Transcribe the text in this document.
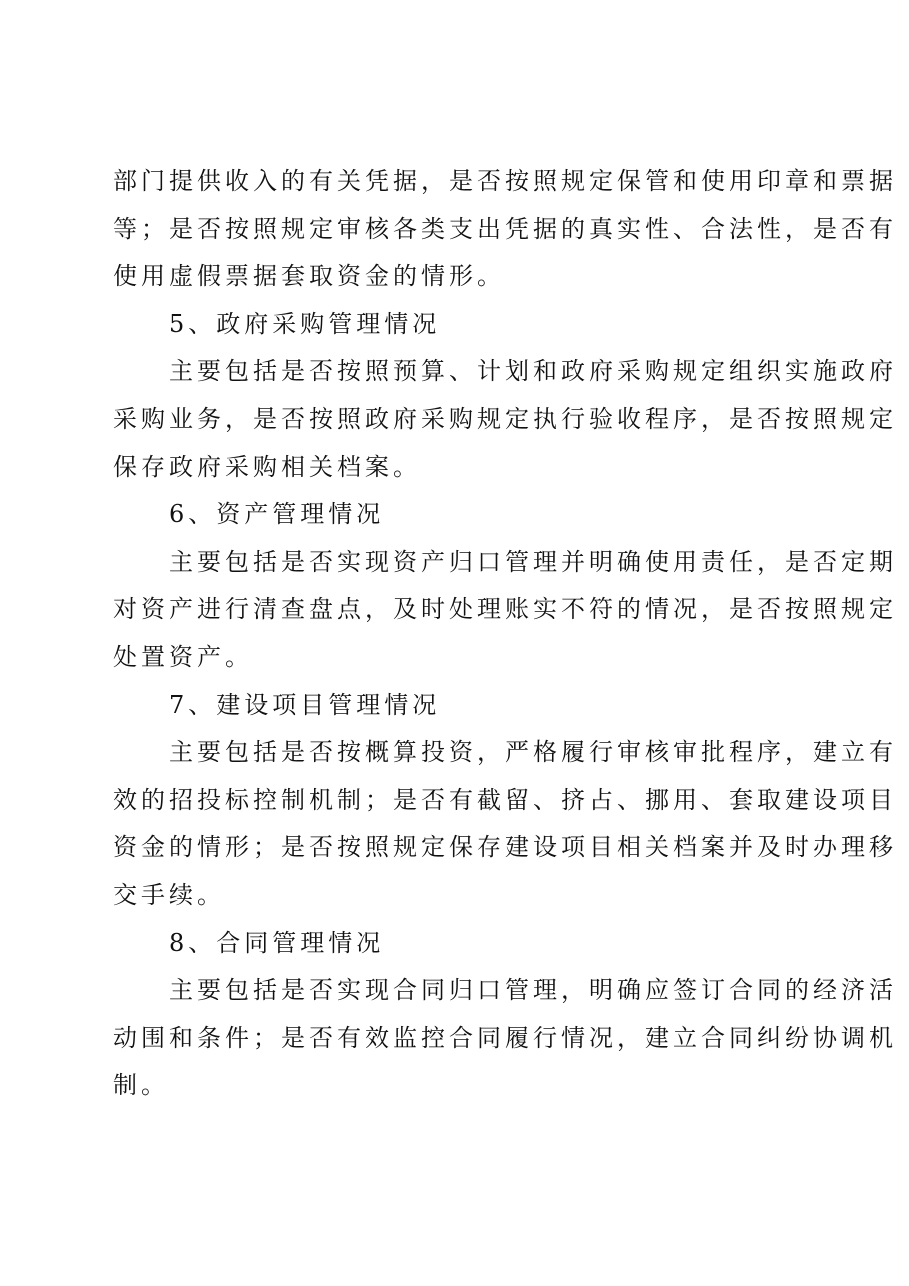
部门提供收入的有关凭据，是否按照规定保管和使用印章和票据
等；是否按照规定审核各类支出凭据的真实性、合法性，是否有
使用虚假票据套取资金的情形。
5、政府采购管理情况
主要包括是否按照预算、计划和政府采购规定组织实施政府
采购业务，是否按照政府采购规定执行验收程序，是否按照规定
保存政府采购相关档案。
6、资产管理情况
主要包括是否实现资产归口管理并明确使用责任，是否定期
对资产进行清查盘点，及时处理账实不符的情况，是否按照规定
处置资产。
7、建设项目管理情况
主要包括是否按概算投资，严格履行审核审批程序，建立有
效的招投标控制机制；是否有截留、挤占、挪用、套取建设项目
资金的情形；是否按照规定保存建设项目相关档案并及时办理移
交手续。
8、合同管理情况
主要包括是否实现合同归口管理，明确应签订合同的经济活
动围和条件；是否有效监控合同履行情况，建立合同纠纷协调机
制。
